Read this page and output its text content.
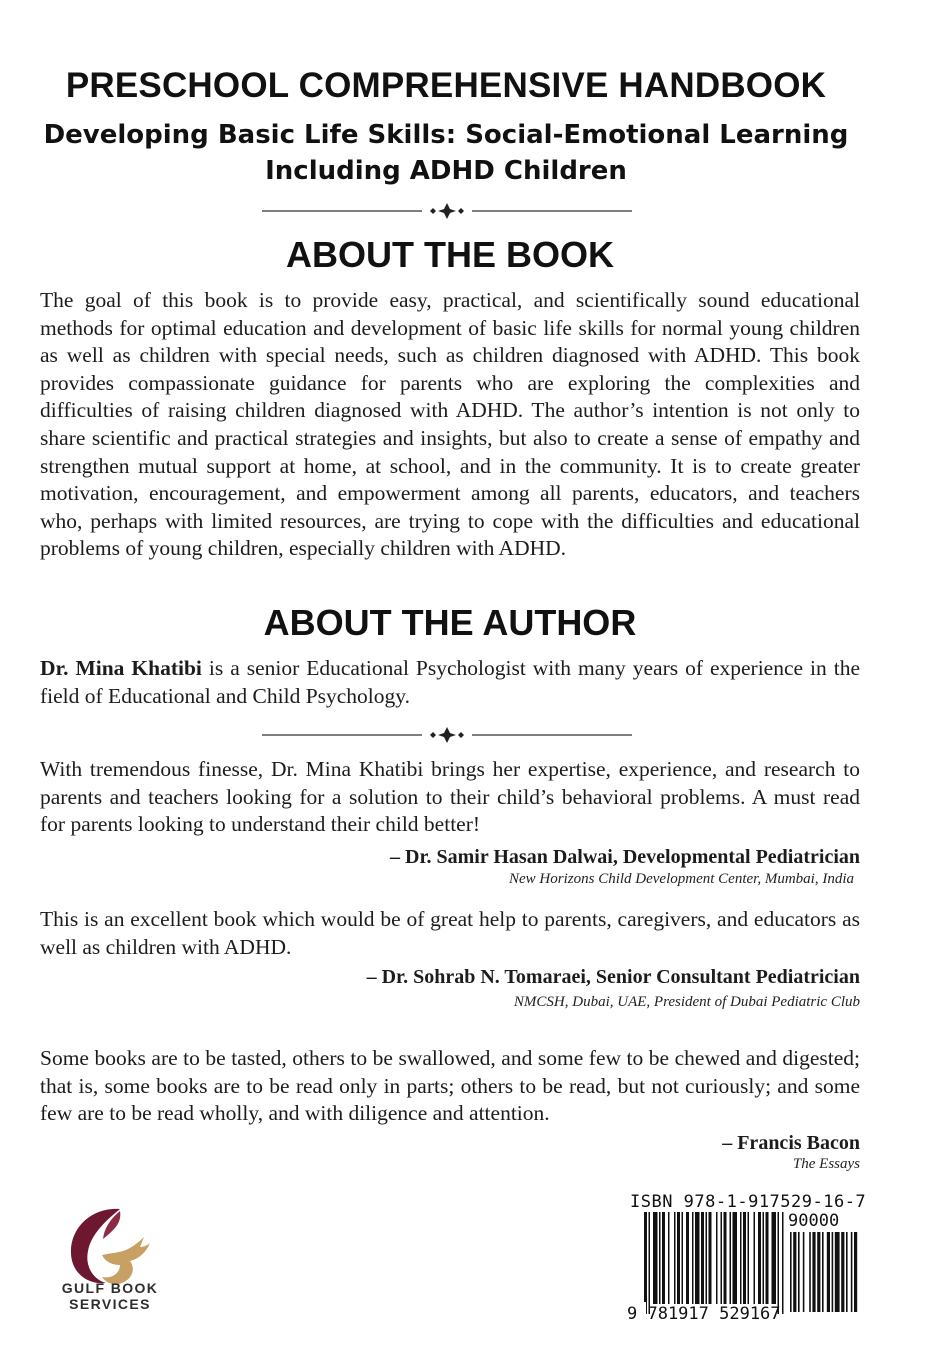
PRESCHOOL COMPREHENSIVE HANDBOOK
Developing Basic Life Skills: Social-Emotional Learning
Including ADHD Children
ABOUT THE BOOK
The goal of this book is to provide easy, practical, and scientifically sound educational methods for optimal education and development of basic life skills for normal young children as well as children with special needs, such as children diagnosed with ADHD. This book provides compassionate guidance for parents who are exploring the complexities and difficulties of raising children diagnosed with ADHD. The author’s intention is not only to share scientific and practical strategies and insights, but also to create a sense of empathy and strengthen mutual support at home, at school, and in the community. It is to create greater motivation, encouragement, and empowerment among all parents, educators, and teachers who, perhaps with limited resources, are trying to cope with the difficulties and educational problems of young children, especially children with ADHD.
ABOUT THE AUTHOR
Dr. Mina Khatibi is a senior Educational Psychologist with many years of experience in the field of Educational and Child Psychology.
With tremendous finesse, Dr. Mina Khatibi brings her expertise, experience, and research to parents and teachers looking for a solution to their child’s behavioral problems. A must read for parents looking to understand their child better!
– Dr. Samir Hasan Dalwai, Developmental Pediatrician
New Horizons Child Development Center, Mumbai, India
This is an excellent book which would be of great help to parents, caregivers, and educators as well as children with ADHD.
– Dr. Sohrab N. Tomaraei, Senior Consultant Pediatrician
NMCSH, Dubai, UAE, President of Dubai Pediatric Club
Some books are to be tasted, others to be swallowed, and some few to be chewed and digested; that is, some books are to be read only in parts; others to be read, but not curiously; and some few are to be read wholly, and with diligence and attention.
– Francis Bacon
The Essays
GULF BOOK
SERVICES
ISBN 978-1-917529-16-7
90000
9 781917 529167
